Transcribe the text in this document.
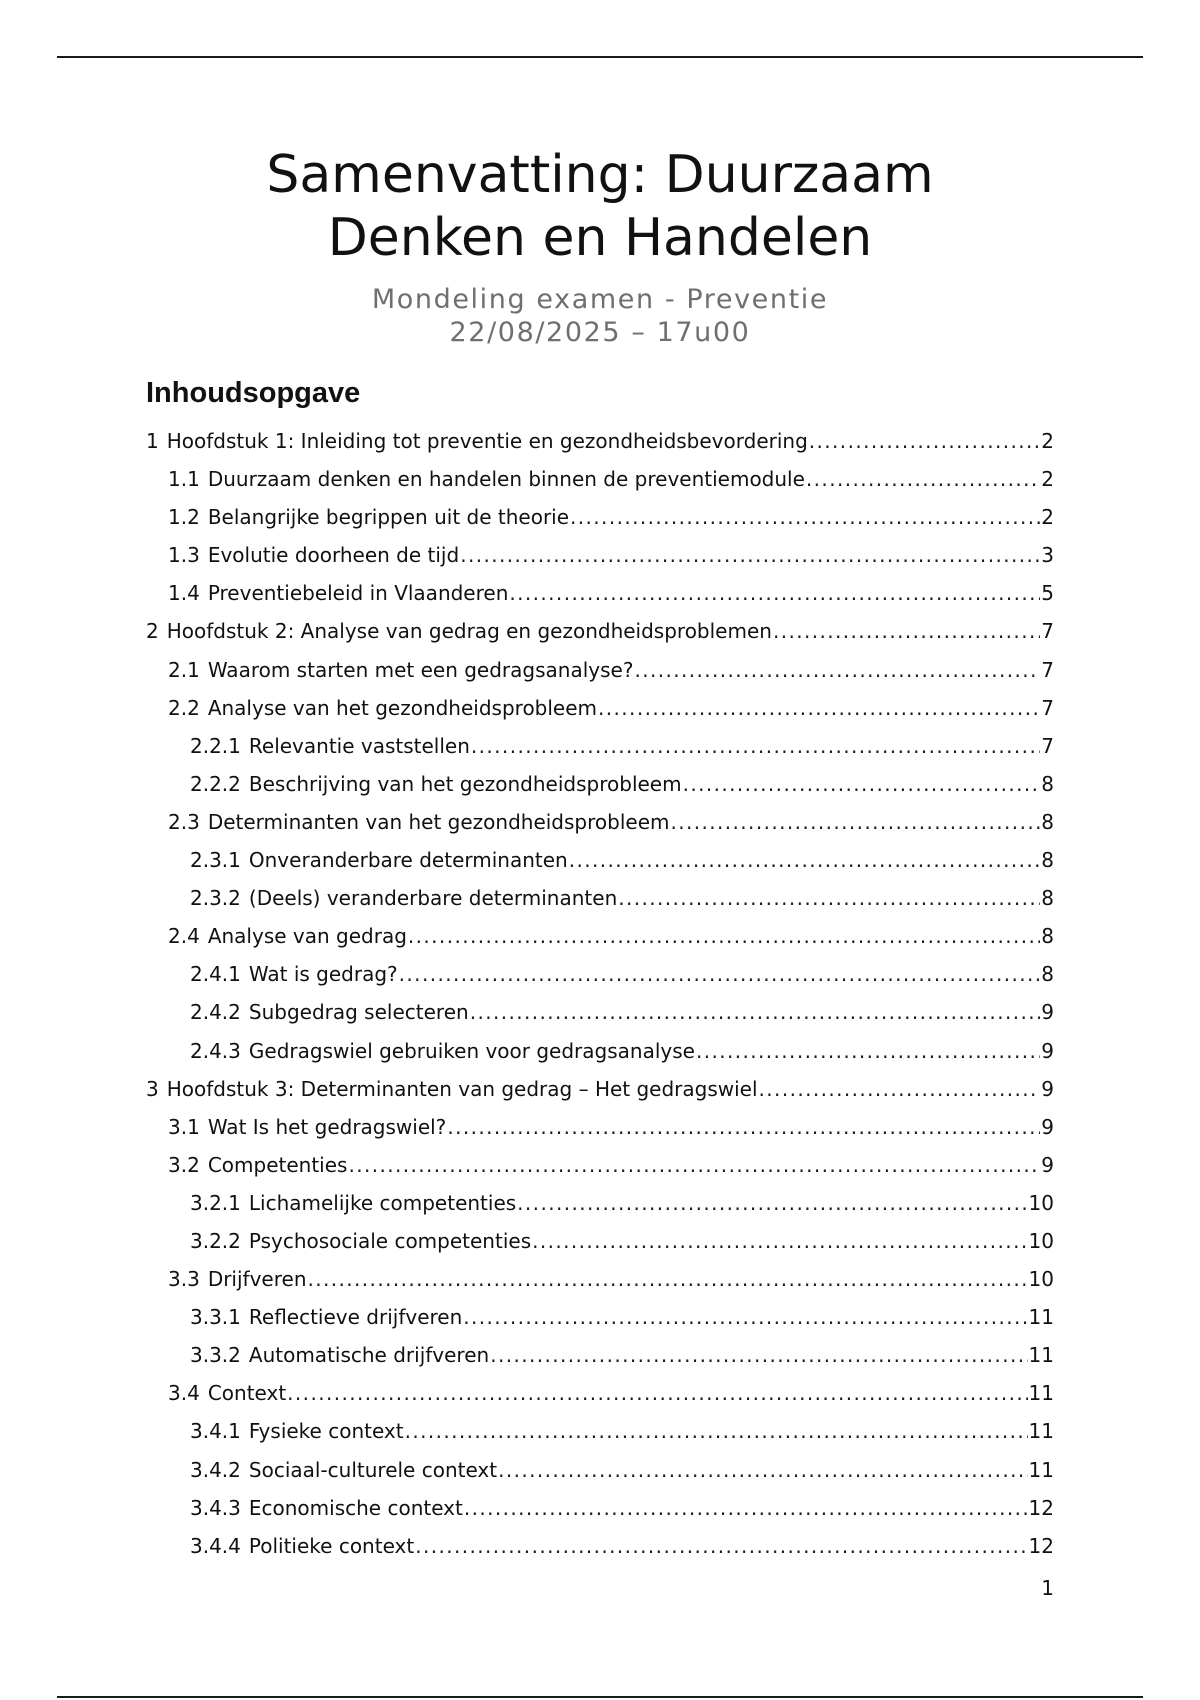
Samenvatting: Duurzaam
Denken en Handelen
Mondeling examen - Preventie
22/08/2025 – 17u00
Inhoudsopgave
1 Hoofdstuk 1: Inleiding tot preventie en gezondheidsbevordering .....	2
1.1 Duurzaam denken en handelen binnen de preventiemodule .....	2
1.2 Belangrijke begrippen uit de theorie .....	2
1.3 Evolutie doorheen de tijd .....	3
1.4 Preventiebeleid in Vlaanderen .....	5
2 Hoofdstuk 2: Analyse van gedrag en gezondheidsproblemen .....	7
2.1 Waarom starten met een gedragsanalyse? .....	7
2.2 Analyse van het gezondheidsprobleem .....	7
2.2.1 Relevantie vaststellen .....	7
2.2.2 Beschrijving van het gezondheidsprobleem .....	8
2.3 Determinanten van het gezondheidsprobleem .....	8
2.3.1 Onveranderbare determinanten .....	8
2.3.2 (Deels) veranderbare determinanten .....	8
2.4 Analyse van gedrag .....	8
2.4.1 Wat is gedrag? .....	8
2.4.2 Subgedrag selecteren .....	9
2.4.3 Gedragswiel gebruiken voor gedragsanalyse .....	9
3 Hoofdstuk 3: Determinanten van gedrag – Het gedragswiel .....	9
3.1 Wat Is het gedragswiel? .....	9
3.2 Competenties .....	9
3.2.1 Lichamelijke competenties .....	10
3.2.2 Psychosociale competenties .....	10
3.3 Drijfveren .....	10
3.3.1 Reflectieve drijfveren .....	11
3.3.2 Automatische drijfveren .....	11
3.4 Context .....	11
3.4.1 Fysieke context .....	11
3.4.2 Sociaal-culturele context .....	11
3.4.3 Economische context .....	12
3.4.4 Politieke context .....	12
1
